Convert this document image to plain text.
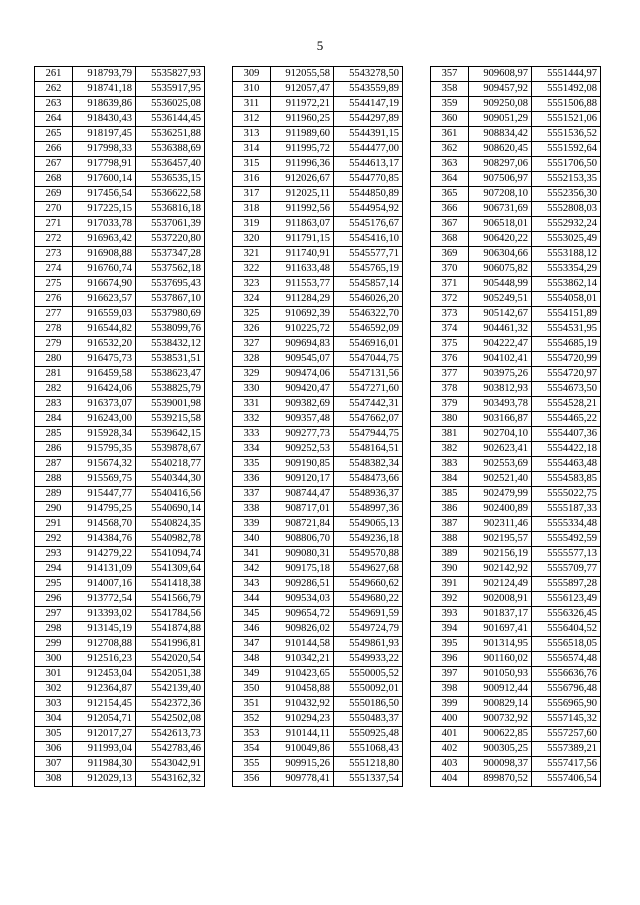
5
261	918793,79	5535827,93
262	918741,18	5535917,95
263	918639,86	5536025,08
264	918430,43	5536144,45
265	918197,45	5536251,88
266	917998,33	5536388,69
267	917798,91	5536457,40
268	917600,14	5536535,15
269	917456,54	5536622,58
270	917225,15	5536816,18
271	917033,78	5537061,39
272	916963,42	5537220,80
273	916908,88	5537347,28
274	916760,74	5537562,18
275	916674,90	5537695,43
276	916623,57	5537867,10
277	916559,03	5537980,69
278	916544,82	5538099,76
279	916532,20	5538432,12
280	916475,73	5538531,51
281	916459,58	5538623,47
282	916424,06	5538825,79
283	916373,07	5539001,98
284	916243,00	5539215,58
285	915928,34	5539642,15
286	915795,35	5539878,67
287	915674,32	5540218,77
288	915569,75	5540344,30
289	915447,77	5540416,56
290	914795,25	5540690,14
291	914568,70	5540824,35
292	914384,76	5540982,78
293	914279,22	5541094,74
294	914131,09	5541309,64
295	914007,16	5541418,38
296	913772,54	5541566,79
297	913393,02	5541784,56
298	913145,19	5541874,88
299	912708,88	5541996,81
300	912516,23	5542020,54
301	912453,04	5542051,38
302	912364,87	5542139,40
303	912154,45	5542372,36
304	912054,71	5542502,08
305	912017,27	5542613,73
306	911993,04	5542783,46
307	911984,30	5543042,91
308	912029,13	5543162,32
309	912055,58	5543278,50
310	912057,47	5543559,89
311	911972,21	5544147,19
312	911960,25	5544297,89
313	911989,60	5544391,15
314	911995,72	5544477,00
315	911996,36	5544613,17
316	912026,67	5544770,85
317	912025,11	5544850,89
318	911992,56	5544954,92
319	911863,07	5545176,67
320	911791,15	5545416,10
321	911740,91	5545577,71
322	911633,48	5545765,19
323	911553,77	5545857,14
324	911284,29	5546026,20
325	910692,39	5546322,70
326	910225,72	5546592,09
327	909694,83	5546916,01
328	909545,07	5547044,75
329	909474,06	5547131,56
330	909420,47	5547271,60
331	909382,69	5547442,31
332	909357,48	5547662,07
333	909277,73	5547944,75
334	909252,53	5548164,51
335	909190,85	5548382,34
336	909120,17	5548473,66
337	908744,47	5548936,37
338	908717,01	5548997,36
339	908721,84	5549065,13
340	908806,70	5549236,18
341	909080,31	5549570,88
342	909175,18	5549627,68
343	909286,51	5549660,62
344	909534,03	5549680,22
345	909654,72	5549691,59
346	909826,02	5549724,79
347	910144,58	5549861,93
348	910342,21	5549933,22
349	910423,65	5550005,52
350	910458,88	5550092,01
351	910432,92	5550186,50
352	910294,23	5550483,37
353	910144,11	5550925,48
354	910049,86	5551068,43
355	909915,26	5551218,80
356	909778,41	5551337,54
357	909608,97	5551444,97
358	909457,92	5551492,08
359	909250,08	5551506,88
360	909051,29	5551521,06
361	908834,42	5551536,52
362	908620,45	5551592,64
363	908297,06	5551706,50
364	907506,97	5552153,35
365	907208,10	5552356,30
366	906731,69	5552808,03
367	906518,01	5552932,24
368	906420,22	5553025,49
369	906304,66	5553188,12
370	906075,82	5553354,29
371	905448,99	5553862,14
372	905249,51	5554058,01
373	905142,67	5554151,89
374	904461,32	5554531,95
375	904222,47	5554685,19
376	904102,41	5554720,99
377	903975,26	5554720,97
378	903812,93	5554673,50
379	903493,78	5554528,21
380	903166,87	5554465,22
381	902704,10	5554407,36
382	902623,41	5554422,18
383	902553,69	5554463,48
384	902521,40	5554583,85
385	902479,99	5555022,75
386	902400,89	5555187,33
387	902311,46	5555334,48
388	902195,57	5555492,59
389	902156,19	5555577,13
390	902142,92	5555709,77
391	902124,49	5555897,28
392	902008,91	5556123,49
393	901837,17	5556326,45
394	901697,41	5556404,52
395	901314,95	5556518,05
396	901160,02	5556574,48
397	901050,93	5556636,76
398	900912,44	5556796,48
399	900829,14	5556965,90
400	900732,92	5557145,32
401	900622,85	5557257,60
402	900305,25	5557389,21
403	900098,37	5557417,56
404	899870,52	5557406,54
